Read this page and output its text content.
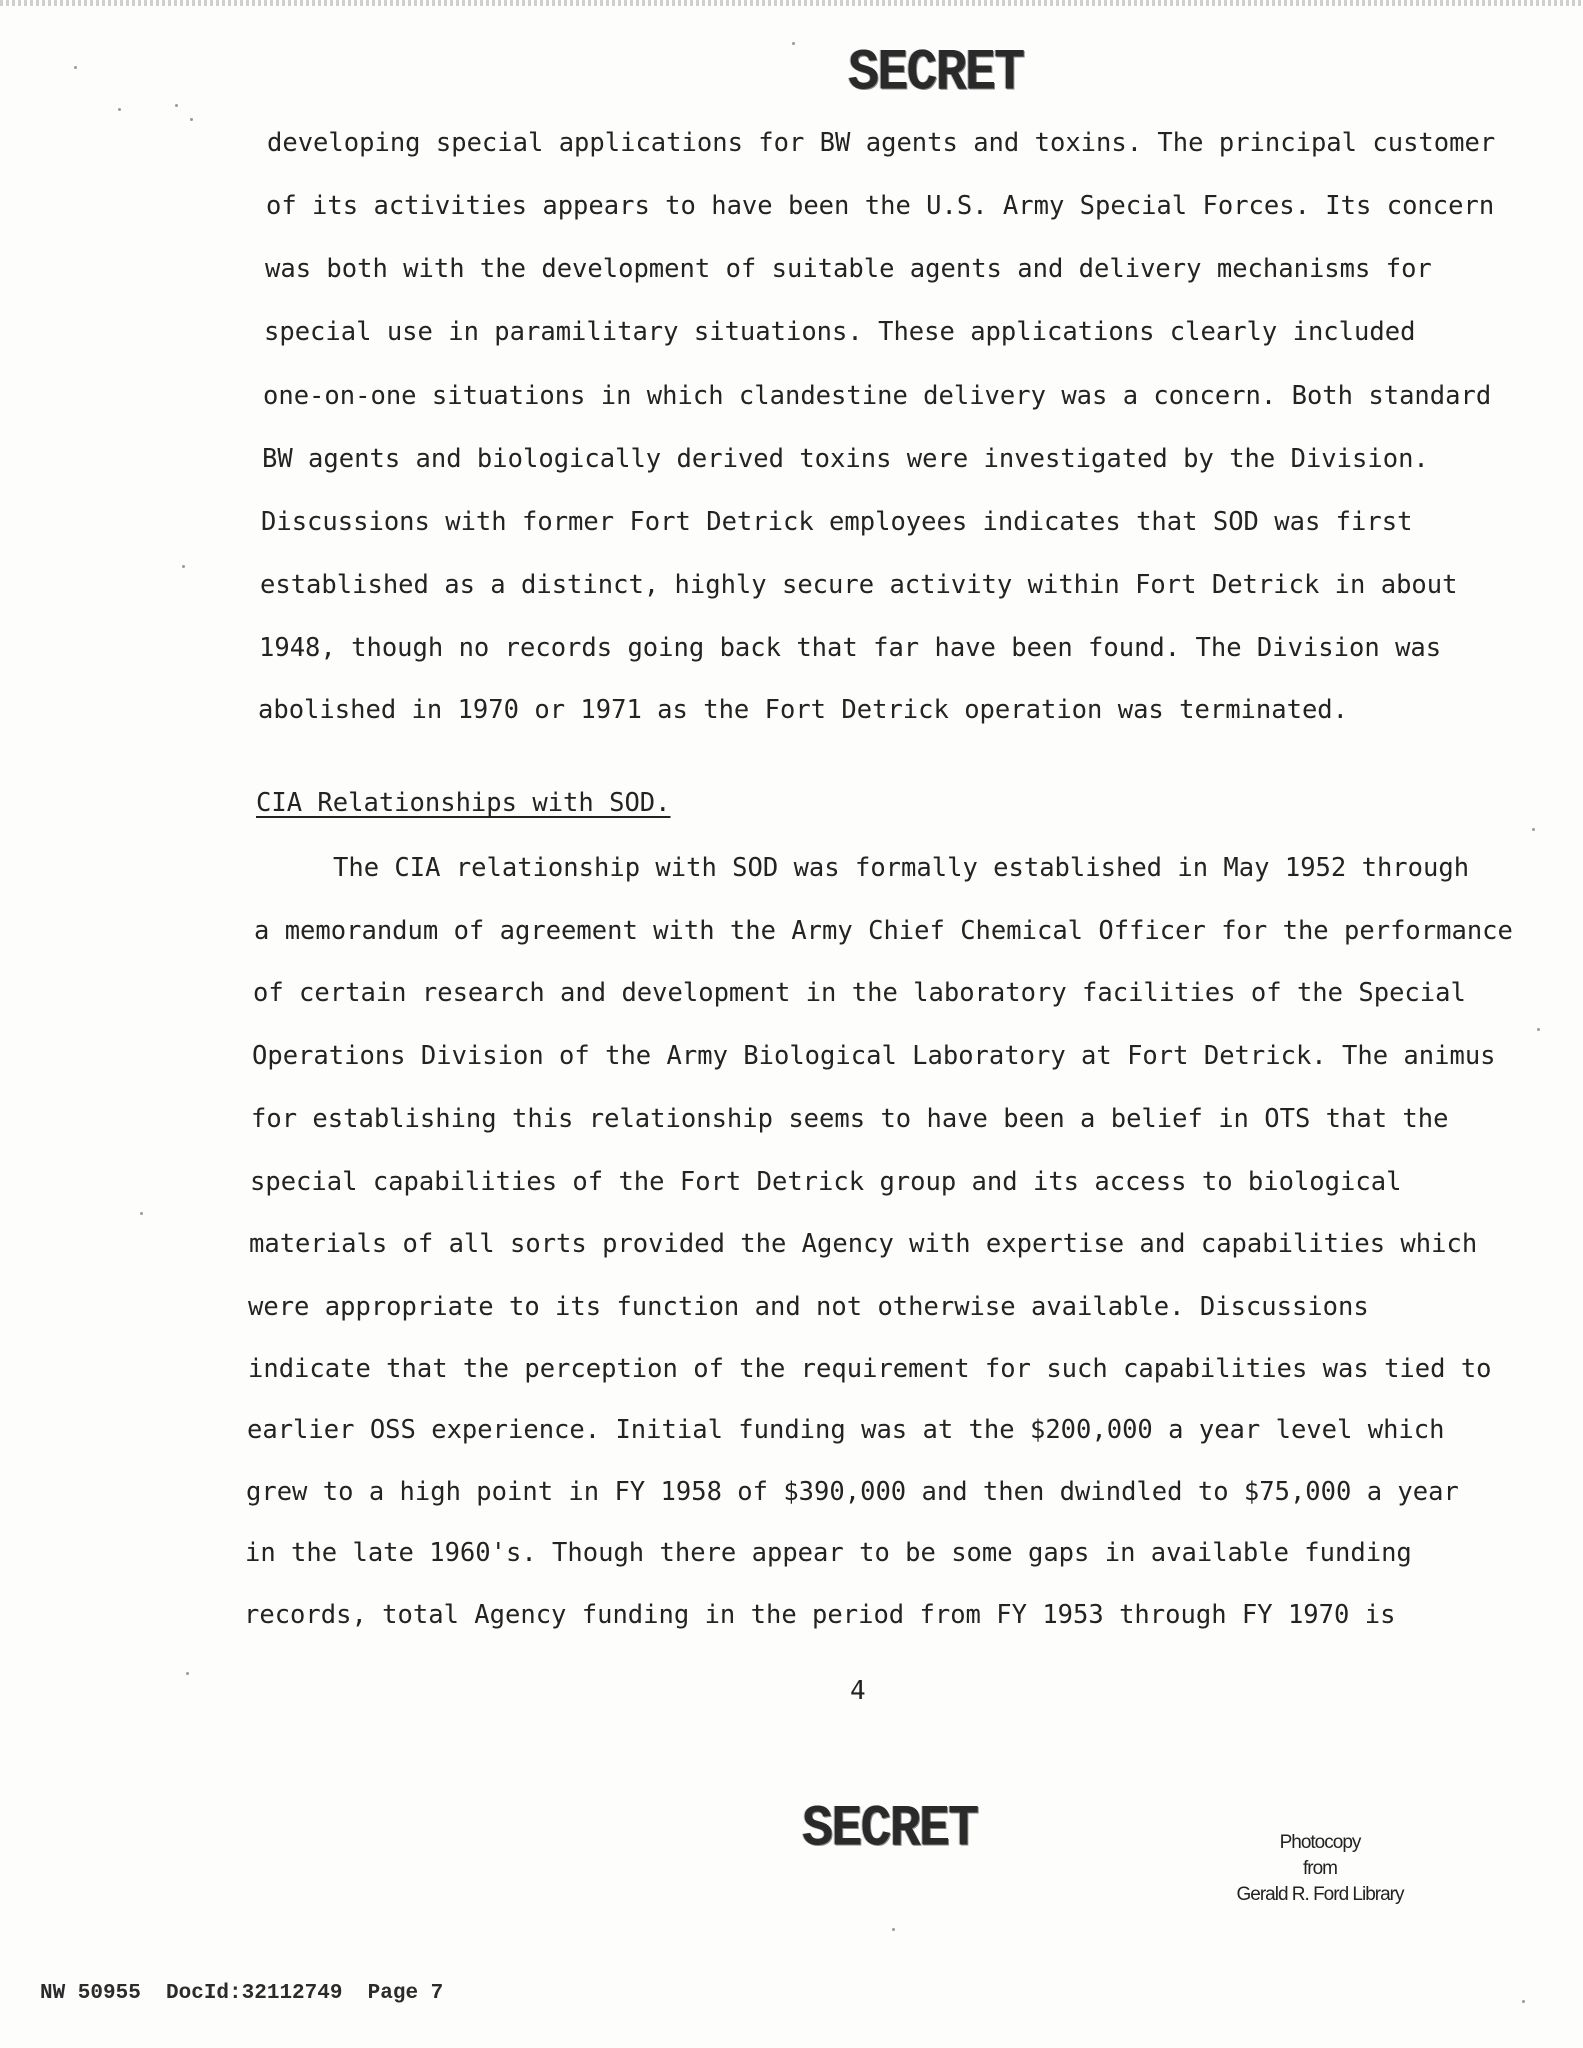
SECRET
developing special applications for BW agents and toxins. The principal customer
of its activities appears to have been the U.S. Army Special Forces. Its concern
was both with the development of suitable agents and delivery mechanisms for
special use in paramilitary situations. These applications clearly included
one-on-one situations in which clandestine delivery was a concern. Both standard
BW agents and biologically derived toxins were investigated by the Division.
Discussions with former Fort Detrick employees indicates that SOD was first
established as a distinct, highly secure activity within Fort Detrick in about
1948, though no records going back that far have been found. The Division was
abolished in 1970 or 1971 as the Fort Detrick operation was terminated.
CIA Relationships with SOD.
The CIA relationship with SOD was formally established in May 1952 through
a memorandum of agreement with the Army Chief Chemical Officer for the performance
of certain research and development in the laboratory facilities of the Special
Operations Division of the Army Biological Laboratory at Fort Detrick. The animus
for establishing this relationship seems to have been a belief in OTS that the
special capabilities of the Fort Detrick group and its access to biological
materials of all sorts provided the Agency with expertise and capabilities which
were appropriate to its function and not otherwise available. Discussions
indicate that the perception of the requirement for such capabilities was tied to
earlier OSS experience. Initial funding was at the $200,000 a year level which
grew to a high point in FY 1958 of $390,000 and then dwindled to $75,000 a year
in the late 1960's. Though there appear to be some gaps in available funding
records, total Agency funding in the period from FY 1953 through FY 1970 is
4
SECRET	Photocopy
from
Gerald R. Ford Library
NW 50955  DocId:32112749  Page 7
